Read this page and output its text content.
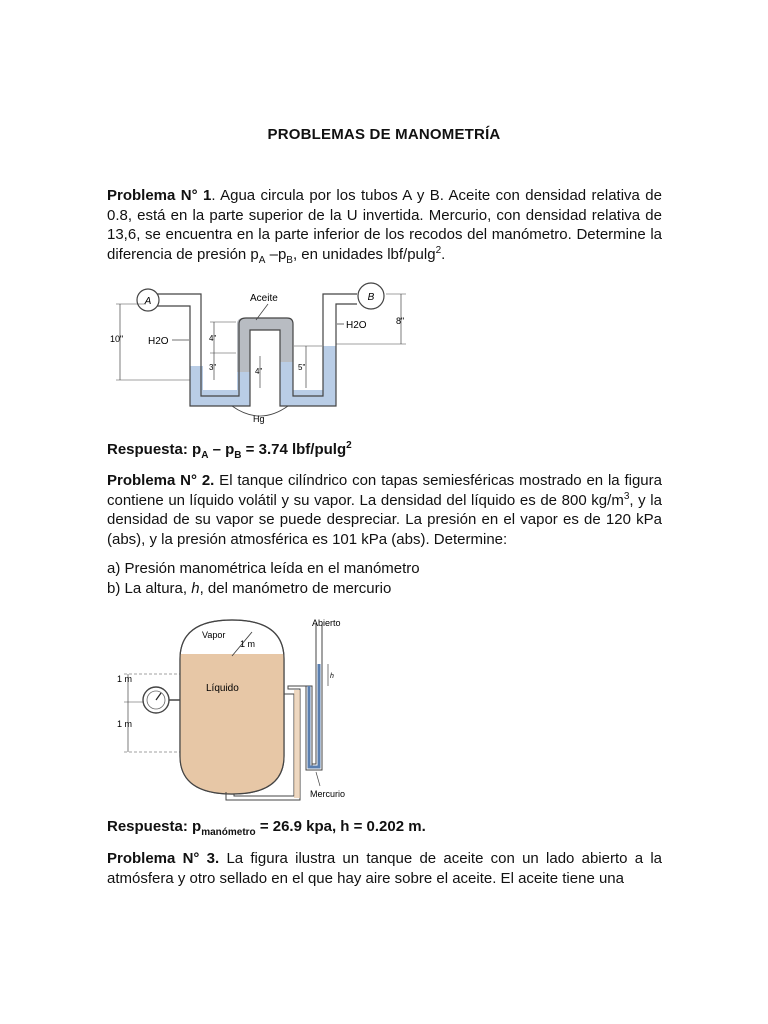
PROBLEMAS DE MANOMETRÍA
Problema N° 1. Agua circula por los tubos A y B. Aceite con densidad relativa de 0.8, está en la parte superior de la U invertida. Mercurio, con densidad relativa de 13,6, se encuentra en la parte inferior de los recodos del manómetro. Determine la diferencia de presión $p_A$ $-p_B$, en unidades lbf/pulg$^2$.
A	B
Aceite
H2O
H2O
10"	4"
3"	4"	5"
8"
Hg
Respuesta: $p_A - p_B = 3.74$ lbf/pulg$^2$
Problema N° 2. El tanque cilíndrico con tapas semiesféricas mostrado en la figura contiene un líquido volátil y su vapor. La densidad del líquido es de 800 $kg/m^3$, y la densidad de su vapor se puede despreciar. La presión en el vapor es de 120 kPa (abs), y la presión atmosférica es 101 kPa (abs). Determine:
a) Presión manométrica leída en el manómetro
b) La altura, h, del manómetro de mercurio
Vapor
1 m
Líquido
1 m
1 m
h
Abierto
Mercurio
Respuesta: $p_{manómetro} = 26.9$ kpa, h = 0.202 m.
Problema N° 3. La figura ilustra un tanque de aceite con un lado abierto a la atmósfera y otro sellado en el que hay aire sobre el aceite. El aceite tiene una
